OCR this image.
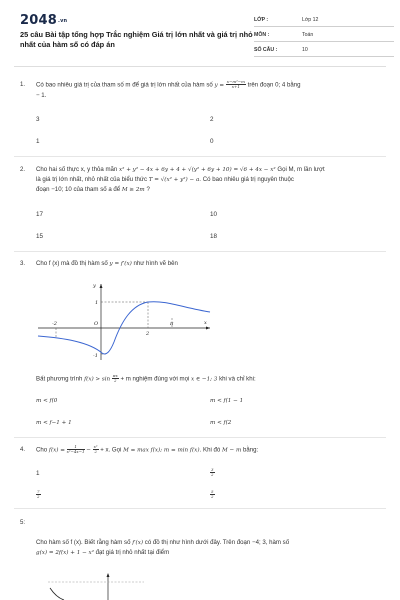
2048.vn
25 câu Bài tập tổng hợp Trắc nghiệm Giá trị lớn nhất và giá trị nhỏ nhất của hàm số có đáp án
LỚP :	Lớp 12
MÔN :	Toán
SỐ CÂU :	10
1. Có bao nhiêu giá trị của tham số m để giá trị lớn nhất của hàm số $y = \frac{\text{x−m²−m}}{x+1}$ trên đoạn 0; 4 bằng
− 1.
3	2
1	0
2. Cho hai số thực x, y thỏa mãn x² + y² − 4x + 6y + 4 + √(y² + 6y + 10) = √6 + 4x − x² Gọi M, m lần lượt
là giá trị lớn nhất, nhỏ nhất của biểu thức T = √(x² + y²) − a. Có bao nhiêu giá trị nguyên thuộc
đoạn −10; 10 của tham số a để M ≥ 2m ?
17	10
15	18
3. Cho f (x) mà đồ thị hàm số y = f′(x) như hình vẽ bên
y
x
O
1
-1
-2
2
π
Bất phương trình $f(x) > \sin \frac{\pi x}{2} + m$ nghiệm đúng với mọi x ∈ −1; 3 khi và chỉ khi:
m < f(0	m < f(1 − 1
m < f−1 + 1	m < f(2
4. Cho $f(x) = \frac{1}{\text{x²−4x−1}} - \frac{\text{x²}}{2} + x$. Gọi M = max f(x); m = min f(x). Khi đó M − m bằng:
1	$\frac{3}{2}$
$\frac{7}{2}$	$\frac{5}{2}$
5:
Cho hàm số f (x). Biết rằng hàm số f′(x) có đồ thị như hình dưới đây. Trên đoạn −4; 3, hàm số
g(x) = 2f(x) + 1 − x² đạt giá trị nhỏ nhất tại điểm
